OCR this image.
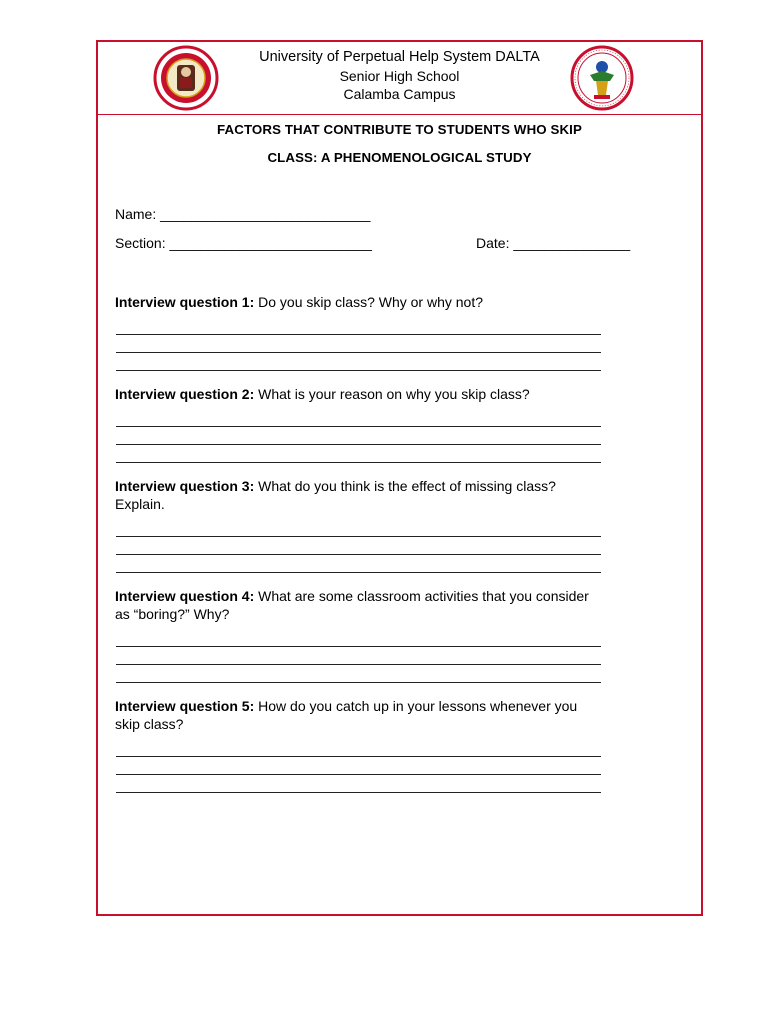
University of Perpetual Help System DALTA
Senior High School
Calamba Campus
FACTORS THAT CONTRIBUTE TO STUDENTS WHO SKIP
CLASS: A PHENOMENOLOGICAL STUDY
Name: ___________________________
Section: __________________________	Date: _______________
Interview question 1: Do you skip class? Why or why not?
Interview question 2: What is your reason on why you skip class?
Interview question 3: What do you think is the effect of missing class? Explain.
Interview question 4: What are some classroom activities that you consider as “boring?” Why?
Interview question 5: How do you catch up in your lessons whenever you skip class?
